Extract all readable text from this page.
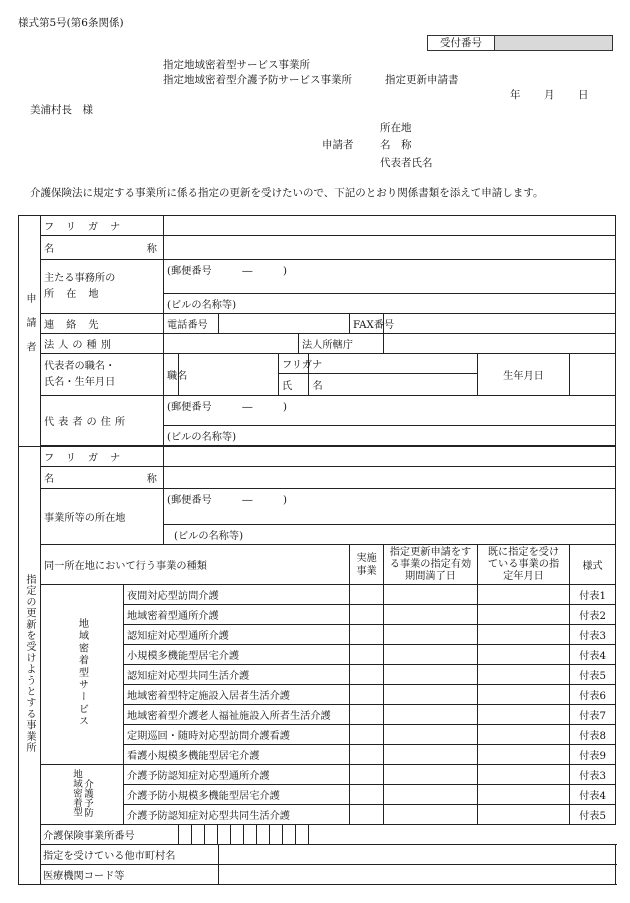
様式第5号(第6条関係)
受付番号
指定地域密着型サービス事業所
指定地域密着型介護予防サービス事業所	指定更新申請書
年 月 日
美浦村長　様
所在地
申請者	名　称
代表者氏名
介護保険法に規定する事業所に係る指定の更新を受けたいので、下記のとおり関係書類を添えて申請します。
申請者	フリガナ											
	名称											
	主たる事務所の
所在地		(郵便番号　　　 ―　　　 )									
			(ビルの名称等)									
	連絡先		電話番号						FAX番号			
	法人の種別						法人所轄庁					
	代表者の職名・
氏名・生年月日		職名			フリガナ					生年月日	
						氏　　名						
	代表者の住所		(郵便番号　　　 ―　　　 )									
			(ビルの名称等)									

指定の更新を受けようとする事業所	フリガナ											
	名称											
	事業所等の所在地		(郵便番号　　　 ―　　　 )									
			(ビルの名称等)									
	同一所在地において行う事業の種類								実施事業	指定更新申請をする事業の指定有効期間満了日	既に指定を受けている事業の指定年月日	様式
	地域密着型サービス	夜間対応型訪問介護										付表1
		地域密着型通所介護										付表2
		認知症対応型通所介護										付表3
		小規模多機能型居宅介護										付表4
		認知症対応型共同生活介護										付表5
		地域密着型特定施設入居者生活介護										付表6
		地域密着型介護老人福祉施設入所者生活介護										付表7
		定期巡回・随時対応型訪問介護看護										付表8
		看護小規模多機能型居宅介護										付表9
	地域密着型介護予防	介護予防認知症対応型通所介護										付表3
		介護予防小規模多機能型居宅介護										付表4
		介護予防認知症対応型共同生活介護										付表5
	介護保険事業所番号										

	指定を受けている他市町村名											
	医療機関コード等											
